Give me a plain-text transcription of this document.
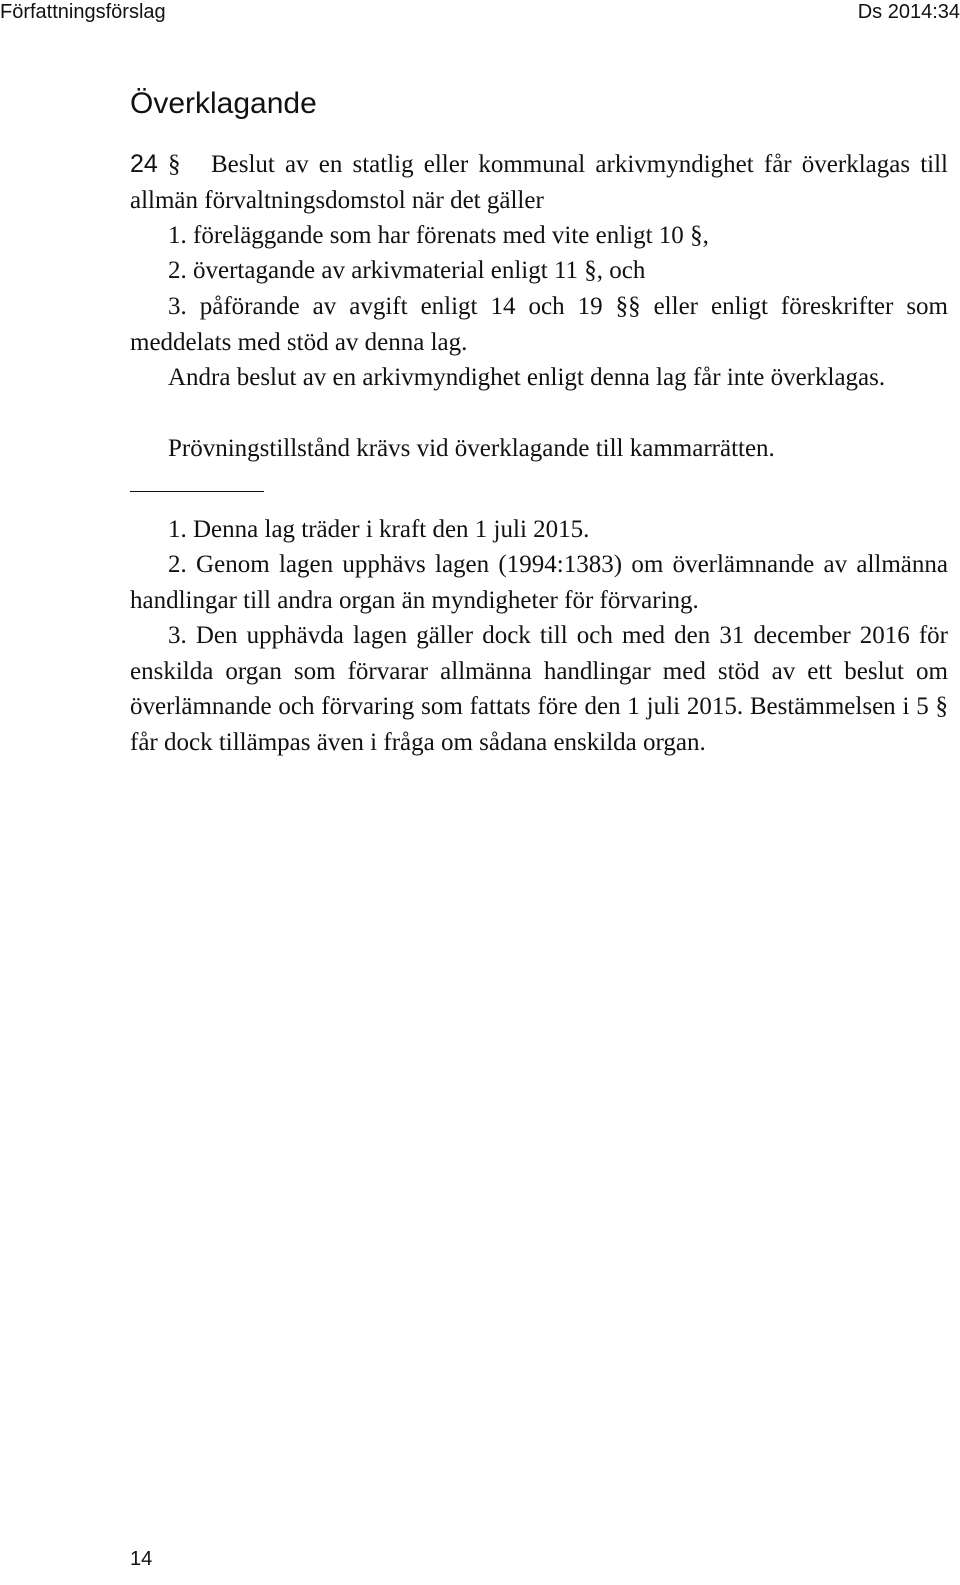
Författningsförslag	Ds 2014:34
Överklagande

24 § Beslut av en statlig eller kommunal arkivmyndighet får överklagas till allmän förvaltningsdomstol när det gäller

1. föreläggande som har förenats med vite enligt 10 §,

2. övertagande av arkivmaterial enligt 11 §, och

3. påförande av avgift enligt 14 och 19 §§ eller enligt föreskrifter som meddelats med stöd av denna lag.

Andra beslut av en arkivmyndighet enligt denna lag får inte överklagas.

Prövningstillstånd krävs vid överklagande till kammarrätten.

1. Denna lag träder i kraft den 1 juli 2015.

2. Genom lagen upphävs lagen (1994:1383) om överlämnande av allmänna handlingar till andra organ än myndigheter för förvaring.

3. Den upphävda lagen gäller dock till och med den 31 december 2016 för enskilda organ som förvarar allmänna handlingar med stöd av ett beslut om överlämnande och förvaring som fattats före den 1 juli 2015. Bestämmelsen i 5 § får dock tillämpas även i fråga om sådana enskilda organ.

14
